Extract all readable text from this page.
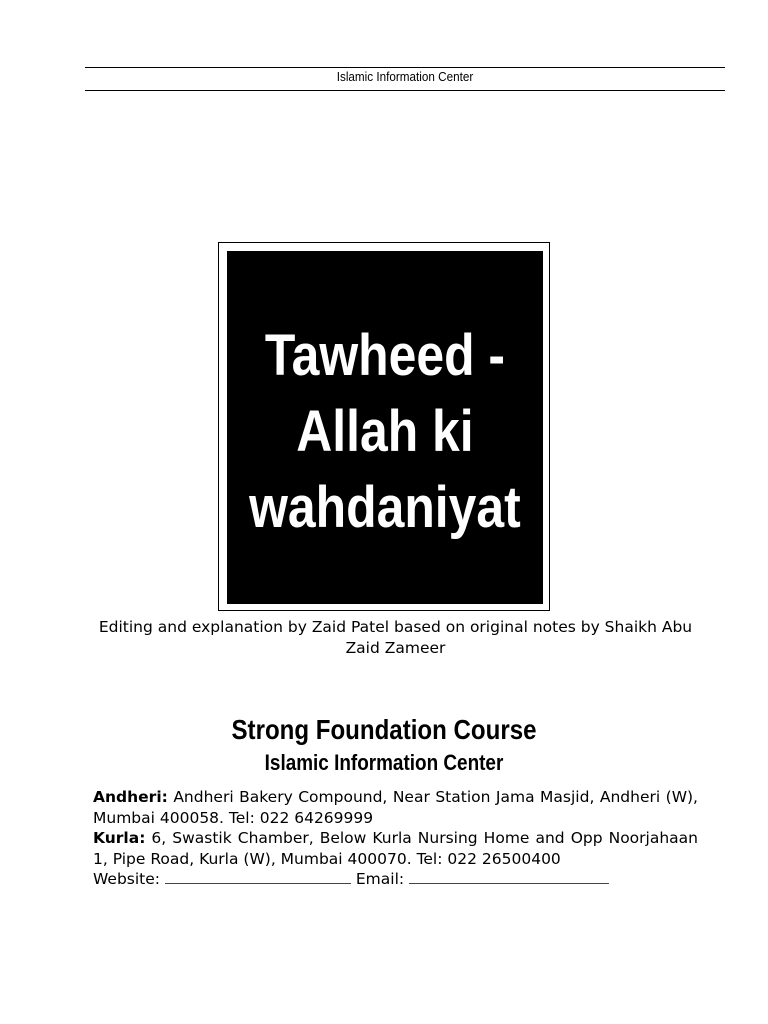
Islamic Information Center
Tawheed -
Allah ki
wahdaniyat
Editing and explanation by Zaid Patel based on original notes by Shaikh Abu Zaid Zameer
Strong Foundation Course
Islamic Information Center

Andheri: Andheri Bakery Compound, Near Station Jama Masjid, Andheri (W), Mumbai 400058. Tel: 022 64269999

Kurla: 6, Swastik Chamber, Below Kurla Nursing Home and Opp Noorjahaan 1, Pipe Road, Kurla (W), Mumbai 400070. Tel: 022 26500400

Website:	Email:
